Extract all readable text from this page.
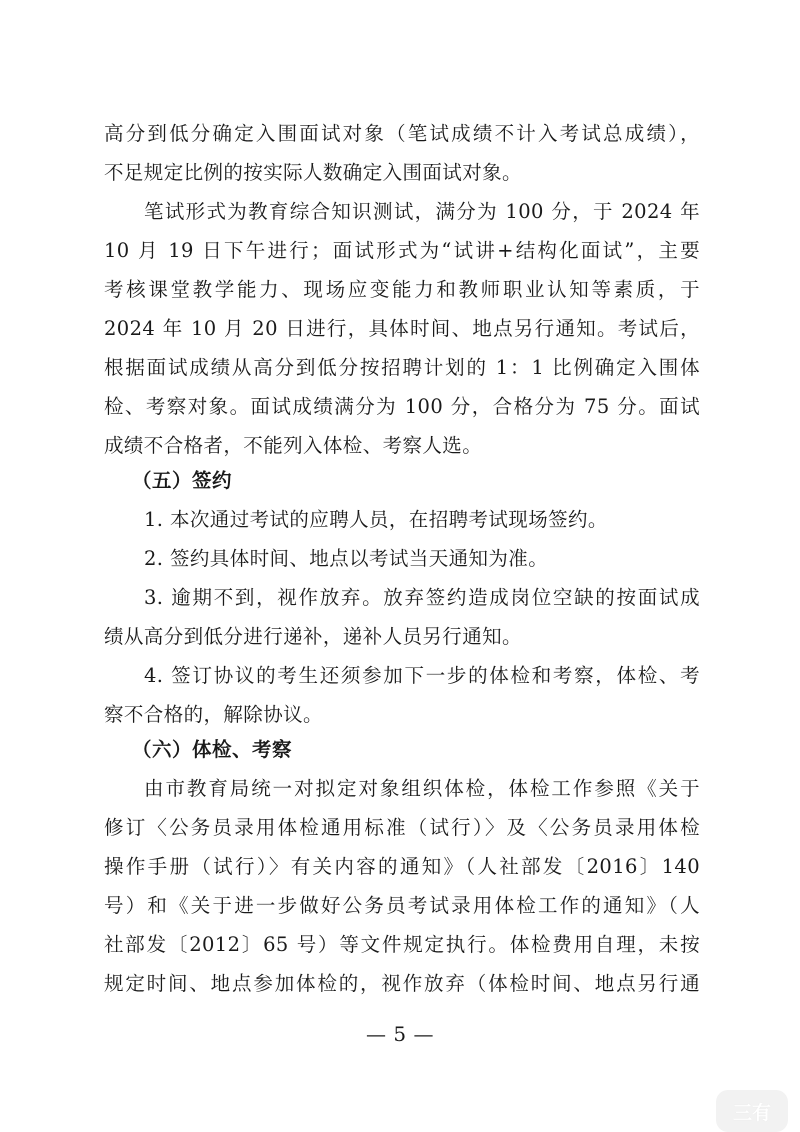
高分到低分确定入围面试对象（笔试成绩不计入考试总成绩），
不足规定比例的按实际人数确定入围面试对象。
笔试形式为教育综合知识测试，满分为 100 分，于 2024 年
10 月 19 日下午进行；面试形式为“试讲+结构化面试”，主要
考核课堂教学能力、现场应变能力和教师职业认知等素质，于
2024 年 10 月 20 日进行，具体时间、地点另行通知。考试后，
根据面试成绩从高分到低分按招聘计划的 1：1 比例确定入围体
检、考察对象。面试成绩满分为 100 分，合格分为 75 分。面试
成绩不合格者，不能列入体检、考察人选。
（五）签约
1. 本次通过考试的应聘人员，在招聘考试现场签约。
2. 签约具体时间、地点以考试当天通知为准。
3. 逾期不到，视作放弃。放弃签约造成岗位空缺的按面试成
绩从高分到低分进行递补，递补人员另行通知。
4. 签订协议的考生还须参加下一步的体检和考察，体检、考
察不合格的，解除协议。
（六）体检、考察
由市教育局统一对拟定对象组织体检，体检工作参照《关于
修订〈公务员录用体检通用标准（试行）〉及〈公务员录用体检
操作手册（试行）〉有关内容的通知》（人社部发〔2016〕140
号）和《关于进一步做好公务员考试录用体检工作的通知》（人
社部发〔2012〕65 号）等文件规定执行。体检费用自理，未按
规定时间、地点参加体检的，视作放弃（体检时间、地点另行通
— 5 —
三有
